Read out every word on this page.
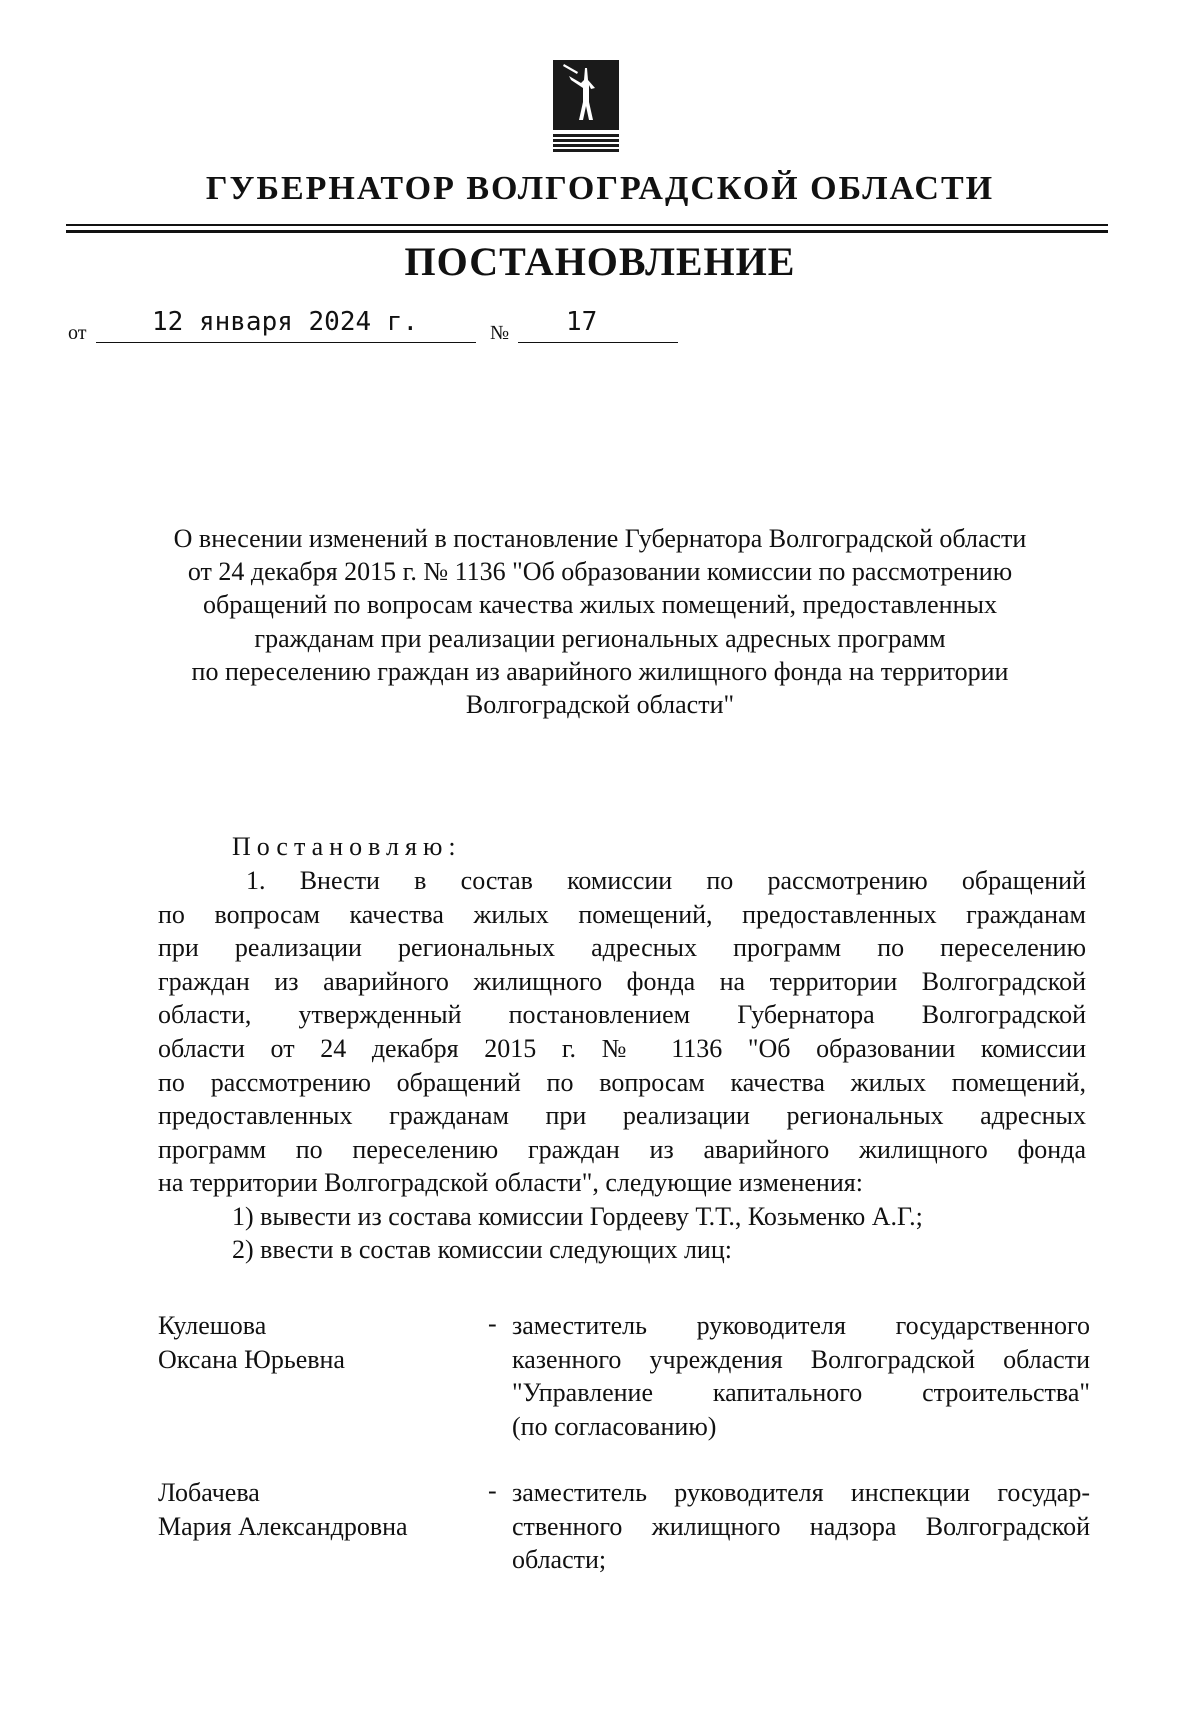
ГУБЕРНАТОР ВОЛГОГРАДСКОЙ ОБЛАСТИ
ПОСТАНОВЛЕНИЕ
от	12 января 2024 г.	№ 17

О внесении изменений в постановление Губернатора Волгоградской области
от 24 декабря 2015 г. № 1136 "Об образовании комиссии по рассмотрению
обращений по вопросам качества жилых помещений, предоставленных
гражданам при реализации региональных адресных программ
по переселению граждан из аварийного жилищного фонда на территории
Волгоградской области"

Постановляю:

1. Внести в состав комиссии по рассмотрению обращений
по вопросам качества жилых помещений, предоставленных гражданам
при реализации региональных адресных программ по переселению
граждан из аварийного жилищного фонда на территории Волгоградской
области, утвержденный постановлением Губернатора Волгоградской
области от 24 декабря 2015 г. № 1136 "Об образовании комиссии
по рассмотрению обращений по вопросам качества жилых помещений,
предоставленных гражданам при реализации региональных адресных
программ по переселению граждан из аварийного жилищного фонда
на территории Волгоградской области", следующие изменения:

1) вывести из состава комиссии Гордееву Т.Т., Козьменко А.Г.;
2) ввести в состав комиссии следующих лиц:
Кулешова
Оксана Юрьевна
- заместитель руководителя государственного
казенного учреждения Волгоградской области
"Управление капитального строительства"
(по согласованию)
Лобачева
Мария Александровна
- заместитель руководителя инспекции государ-
ственного жилищного надзора Волгоградской
области;
